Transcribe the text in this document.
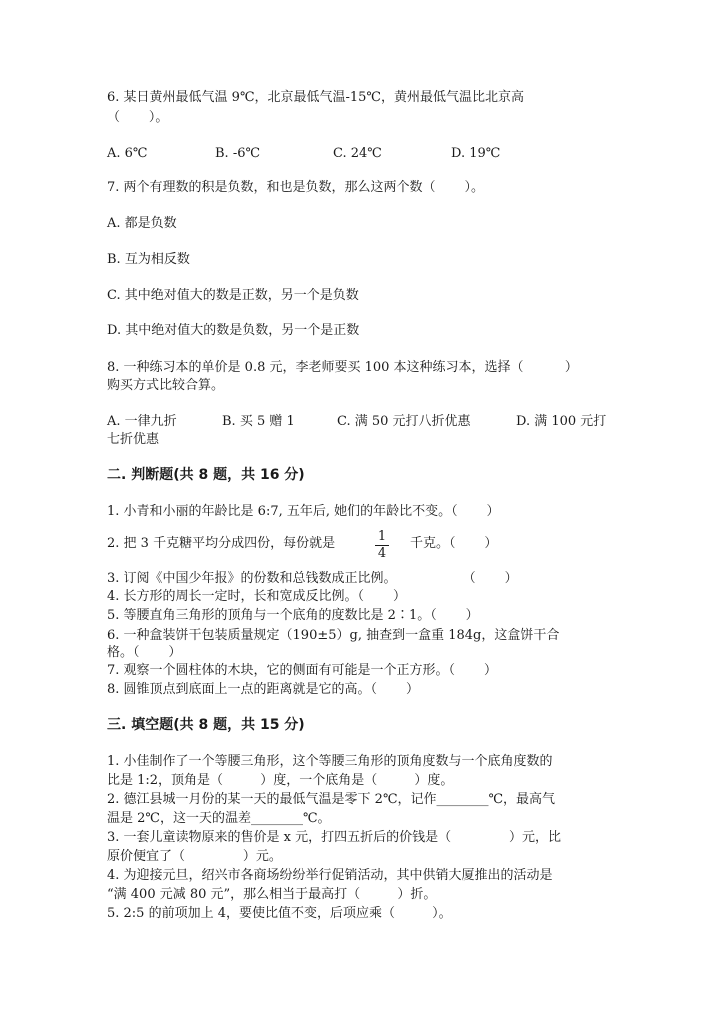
6. 某日黄州最低气温 9℃，北京最低气温-15℃，黄州最低气温比北京高
（       ）。
A. 6℃	B. -6℃	C. 24℃	D. 19℃
7. 两个有理数的积是负数，和也是负数，那么这两个数（       ）。
A. 都是负数
B. 互为相反数
C. 其中绝对值大的数是正数，另一个是负数
D. 其中绝对值大的数是负数，另一个是正数
8. 一种练习本的单价是 0.8 元，李老师要买 100 本这种练习本，选择（          ）
购买方式比较合算。
A. 一律九折	B. 买 5 赠 1	C. 满 50 元打八折优惠	D. 满 100 元打
七折优惠
二. 判断题(共 8 题，共 16 分)
1. 小青和小丽的年龄比是 6:7, 五年后, 她们的年龄比不变。（       ）
2. 把 3 千克糖平均分成四份，每份就是	1
4
千克。（       ）
3. 订阅《中国少年报》的份数和总钱数成正比例。                （       ）
4. 长方形的周长一定时，长和宽成反比例。（       ）
5. 等腰直角三角形的顶角与一个底角的度数比是 2∶1。（       ）
6. 一种盒装饼干包装质量规定（190±5）g, 抽查到一盒重 184g，这盒饼干合
格。（       ）
7. 观察一个圆柱体的木块，它的侧面有可能是一个正方形。（       ）
8. 圆锥顶点到底面上一点的距离就是它的高。（       ）
三. 填空题(共 8 题，共 15 分)
1. 小佳制作了一个等腰三角形，这个等腰三角形的顶角度数与一个底角度数的
比是 1:2，顶角是（         ）度，一个底角是（         ）度。
2. 德江县城一月份的某一天的最低气温是零下 2℃，记作________℃，最高气
温是 2℃，这一天的温差________℃。
3. 一套儿童读物原来的售价是 x 元，打四五折后的价钱是（              ）元，比
原价便宜了（              ）元。
4. 为迎接元旦，绍兴市各商场纷纷举行促销活动，其中供销大厦推出的活动是
“满 400 元减 80 元”，那么相当于最高打（         ）折。
5. 2:5 的前项加上 4，要使比值不变，后项应乘（         ）。
